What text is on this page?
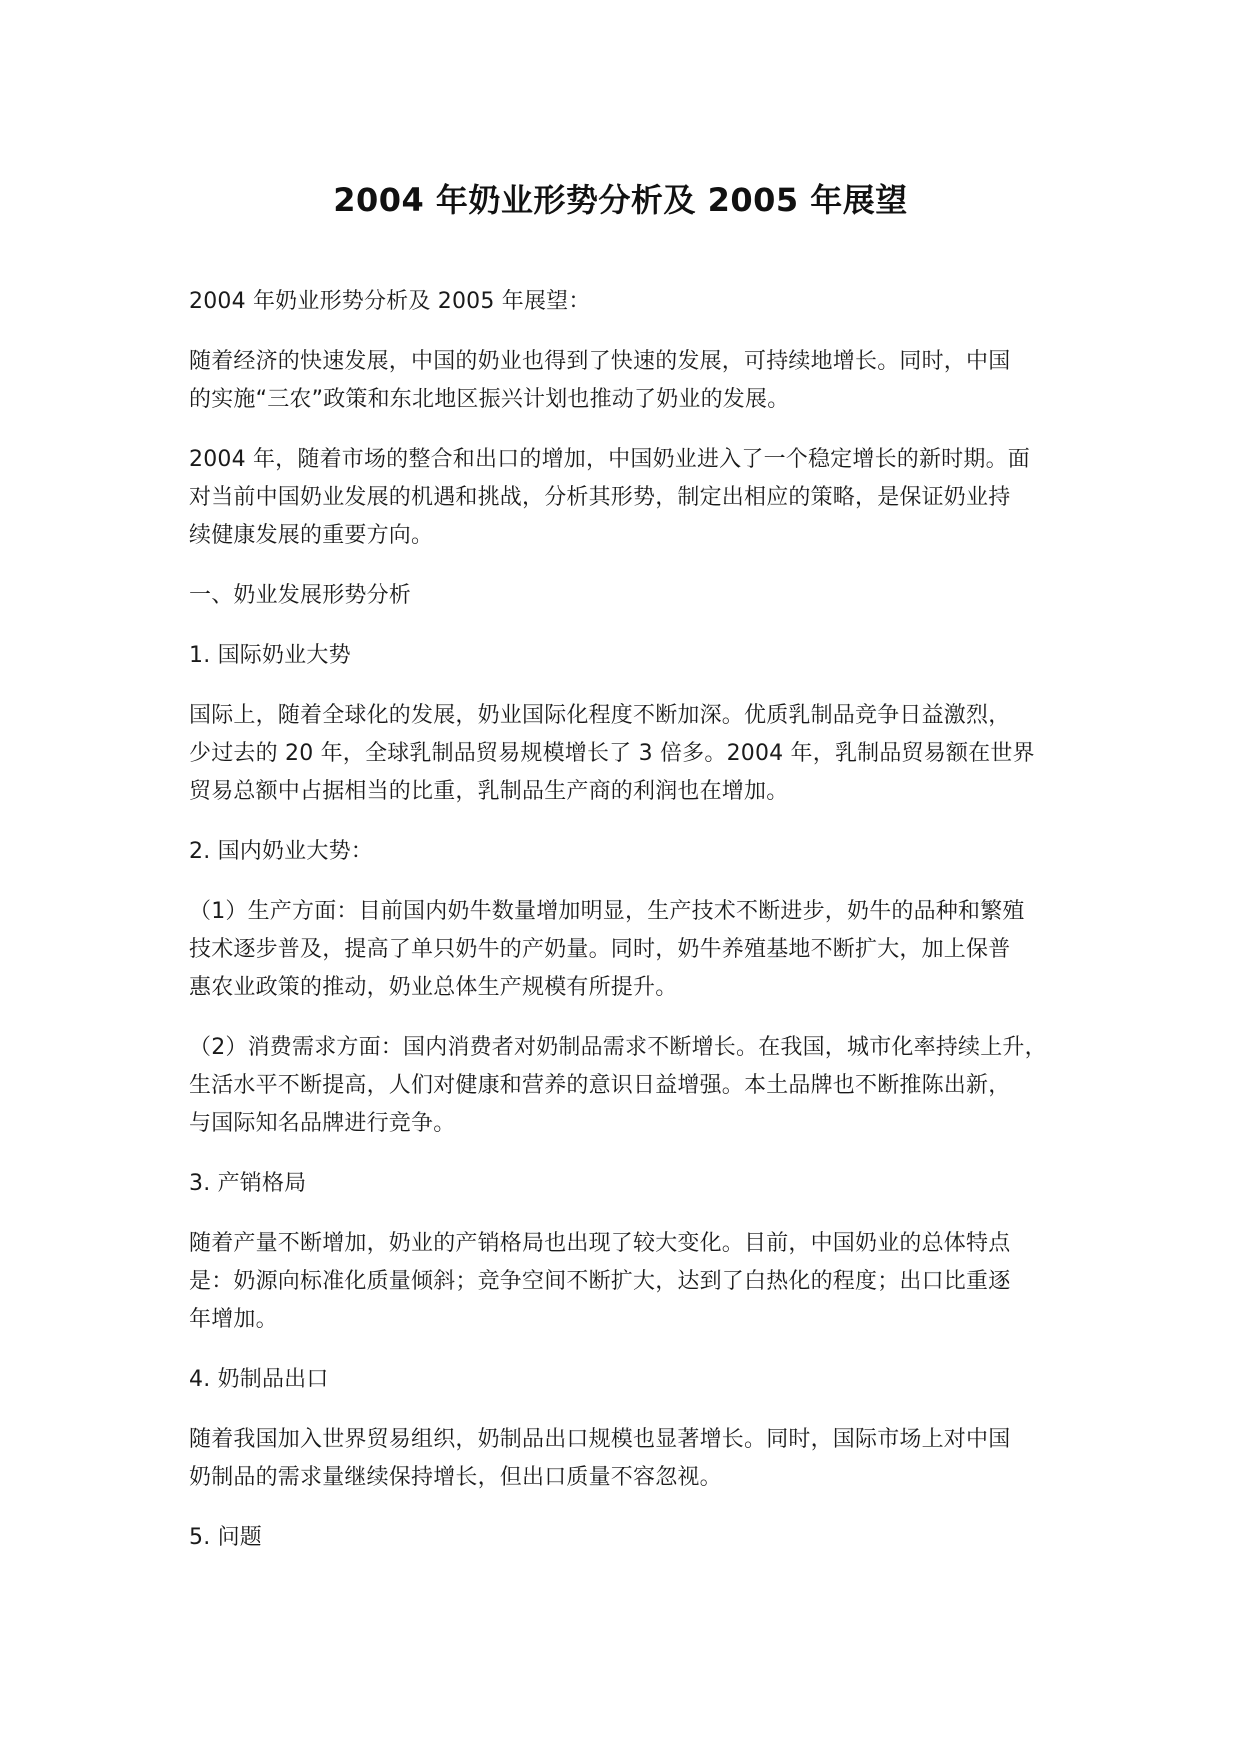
2004 年奶业形势分析及 2005 年展望

2004 年奶业形势分析及 2005 年展望：

随着经济的快速发展，中国的奶业也得到了快速的发展，可持续地增长。同时，中国
的实施“三农”政策和东北地区振兴计划也推动了奶业的发展。

2004 年，随着市场的整合和出口的增加，中国奶业进入了一个稳定增长的新时期。面
对当前中国奶业发展的机遇和挑战，分析其形势，制定出相应的策略，是保证奶业持
续健康发展的重要方向。

一、奶业发展形势分析

1. 国际奶业大势

国际上，随着全球化的发展，奶业国际化程度不断加深。优质乳制品竞争日益激烈，
少过去的 20 年，全球乳制品贸易规模增长了 3 倍多。2004 年，乳制品贸易额在世界
贸易总额中占据相当的比重，乳制品生产商的利润也在增加。

2. 国内奶业大势：

（1）生产方面：目前国内奶牛数量增加明显，生产技术不断进步，奶牛的品种和繁殖
技术逐步普及，提高了单只奶牛的产奶量。同时，奶牛养殖基地不断扩大，加上保普
惠农业政策的推动，奶业总体生产规模有所提升。

（2）消费需求方面：国内消费者对奶制品需求不断增长。在我国，城市化率持续上升，
生活水平不断提高，人们对健康和营养的意识日益增强。本土品牌也不断推陈出新，
与国际知名品牌进行竞争。

3. 产销格局

随着产量不断增加，奶业的产销格局也出现了较大变化。目前，中国奶业的总体特点
是：奶源向标准化质量倾斜；竞争空间不断扩大，达到了白热化的程度；出口比重逐
年增加。

4. 奶制品出口

随着我国加入世界贸易组织，奶制品出口规模也显著增长。同时，国际市场上对中国
奶制品的需求量继续保持增长，但出口质量不容忽视。

5. 问题
